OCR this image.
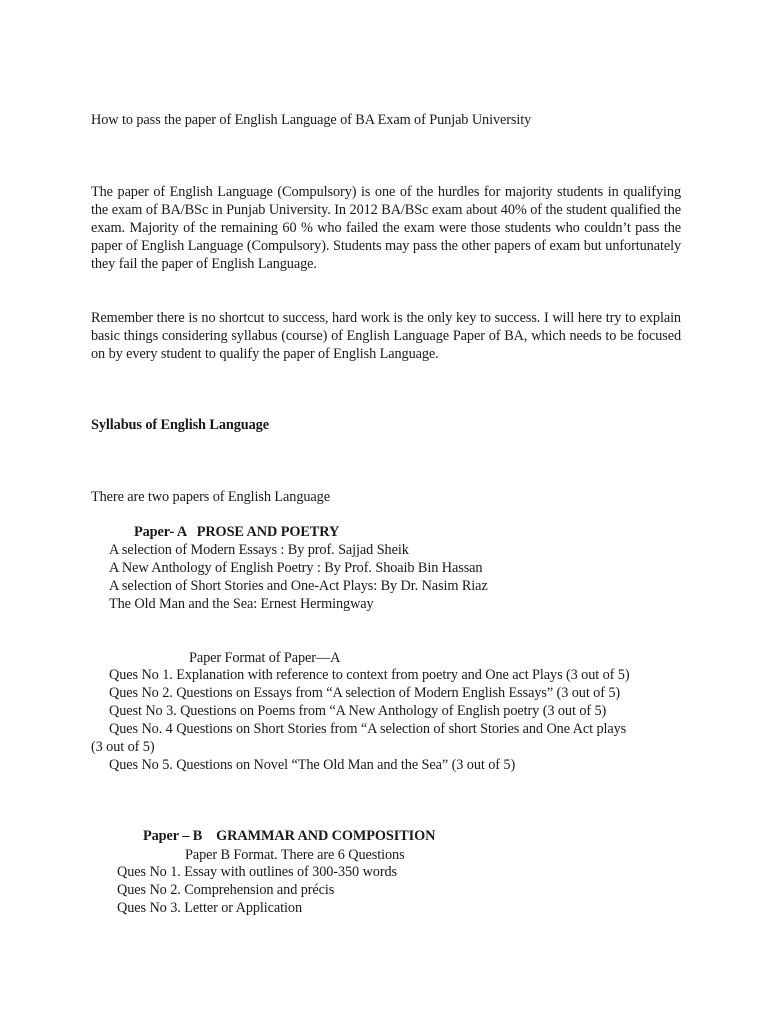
How to pass the paper of English Language of BA Exam of Punjab University
The paper of English Language (Compulsory) is one of the hurdles for majority students in qualifying the exam of BA/BSc in Punjab University. In 2012 BA/BSc exam about 40% of the student qualified the exam. Majority of the remaining 60 % who failed the exam were those students who couldn’t pass the paper of English Language (Compulsory). Students may pass the other papers of exam but unfortunately they fail the paper of English Language.
Remember there is no shortcut to success, hard work is the only key to success. I will here try to explain basic things considering syllabus (course) of English Language Paper of BA, which needs to be focused on by every student to qualify the paper of English Language.
Syllabus of English Language
There are two papers of English Language
Paper- A   PROSE AND POETRY
A selection of Modern Essays : By prof. Sajjad Sheik
A New Anthology of English Poetry : By Prof. Shoaib Bin Hassan
A selection of Short Stories and One-Act Plays: By Dr. Nasim Riaz
The Old Man and the Sea: Ernest Hermingway
Paper Format of Paper—A
Ques No 1. Explanation with reference to context from poetry and One act Plays (3 out of 5)
Ques No 2. Questions on Essays from “A selection of Modern English Essays” (3 out of 5)
Quest No 3. Questions on Poems from “A New Anthology of English poetry (3 out of 5)
Ques No. 4 Questions on Short Stories from “A selection of short Stories and One Act plays
(3 out of 5)
Ques No 5. Questions on Novel “The Old Man and the Sea” (3 out of 5)
Paper – B    GRAMMAR AND COMPOSITION
Paper B Format. There are 6 Questions
Ques No 1. Essay with outlines of 300-350 words
Ques No 2. Comprehension and précis
Ques No 3. Letter or Application
